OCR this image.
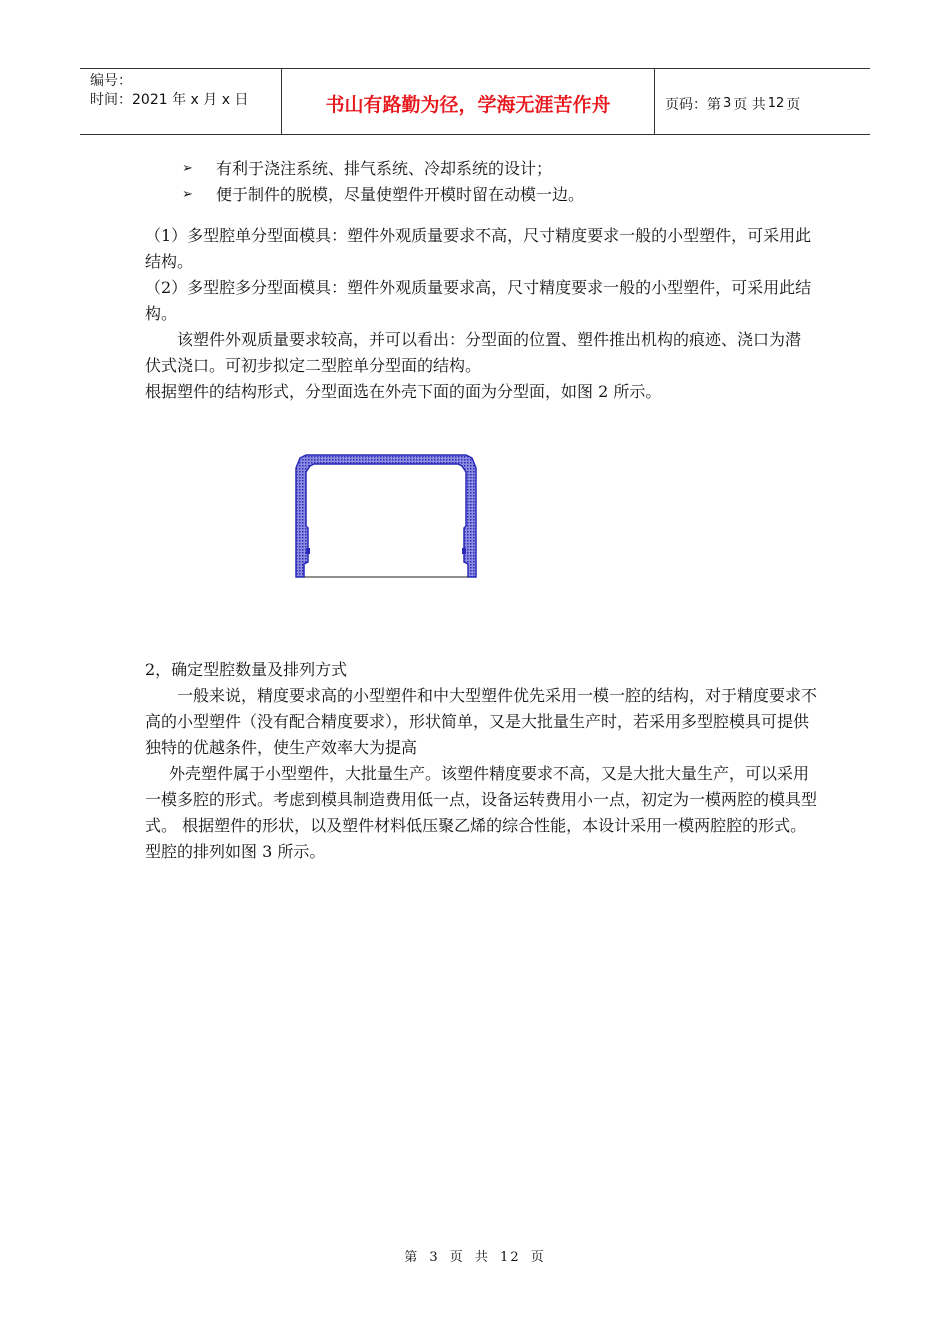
编号：
时间：2021 年 x 月 x 日	书山有路勤为径，学海无涯苦作舟	页码：第 3 页 共 12 页
➢	有利于浇注系统、排气系统、冷却系统的设计；
➢	便于制件的脱模，尽量使塑件开模时留在动模一边。

（1）多型腔单分型面模具：塑件外观质量要求不高，尺寸精度要求一般的小型塑件，可采用此结构。

（2）多型腔多分型面模具：塑件外观质量要求高，尺寸精度要求一般的小型塑件，可采用此结构。

该塑件外观质量要求较高，并可以看出：分型面的位置、塑件推出机构的痕迹、浇口为潜伏式浇口。可初步拟定二型腔单分型面的结构。

根据塑件的结构形式，分型面选在外壳下面的面为分型面，如图 2 所示。

2，确定型腔数量及排列方式

一般来说，精度要求高的小型塑件和中大型塑件优先采用一模一腔的结构，对于精度要求不高的小型塑件（没有配合精度要求），形状简单，又是大批量生产时，若采用多型腔模具可提供独特的优越条件，使生产效率大为提高

外壳塑件属于小型塑件，大批量生产。该塑件精度要求不高，又是大批大量生产，可以采用一模多腔的形式。考虑到模具制造费用低一点，设备运转费用小一点，初定为一模两腔的模具型式。 根据塑件的形状，以及塑件材料低压聚乙烯的综合性能，本设计采用一模两腔腔的形式。型腔的排列如图 3 所示。

第 3 页 共 12 页
